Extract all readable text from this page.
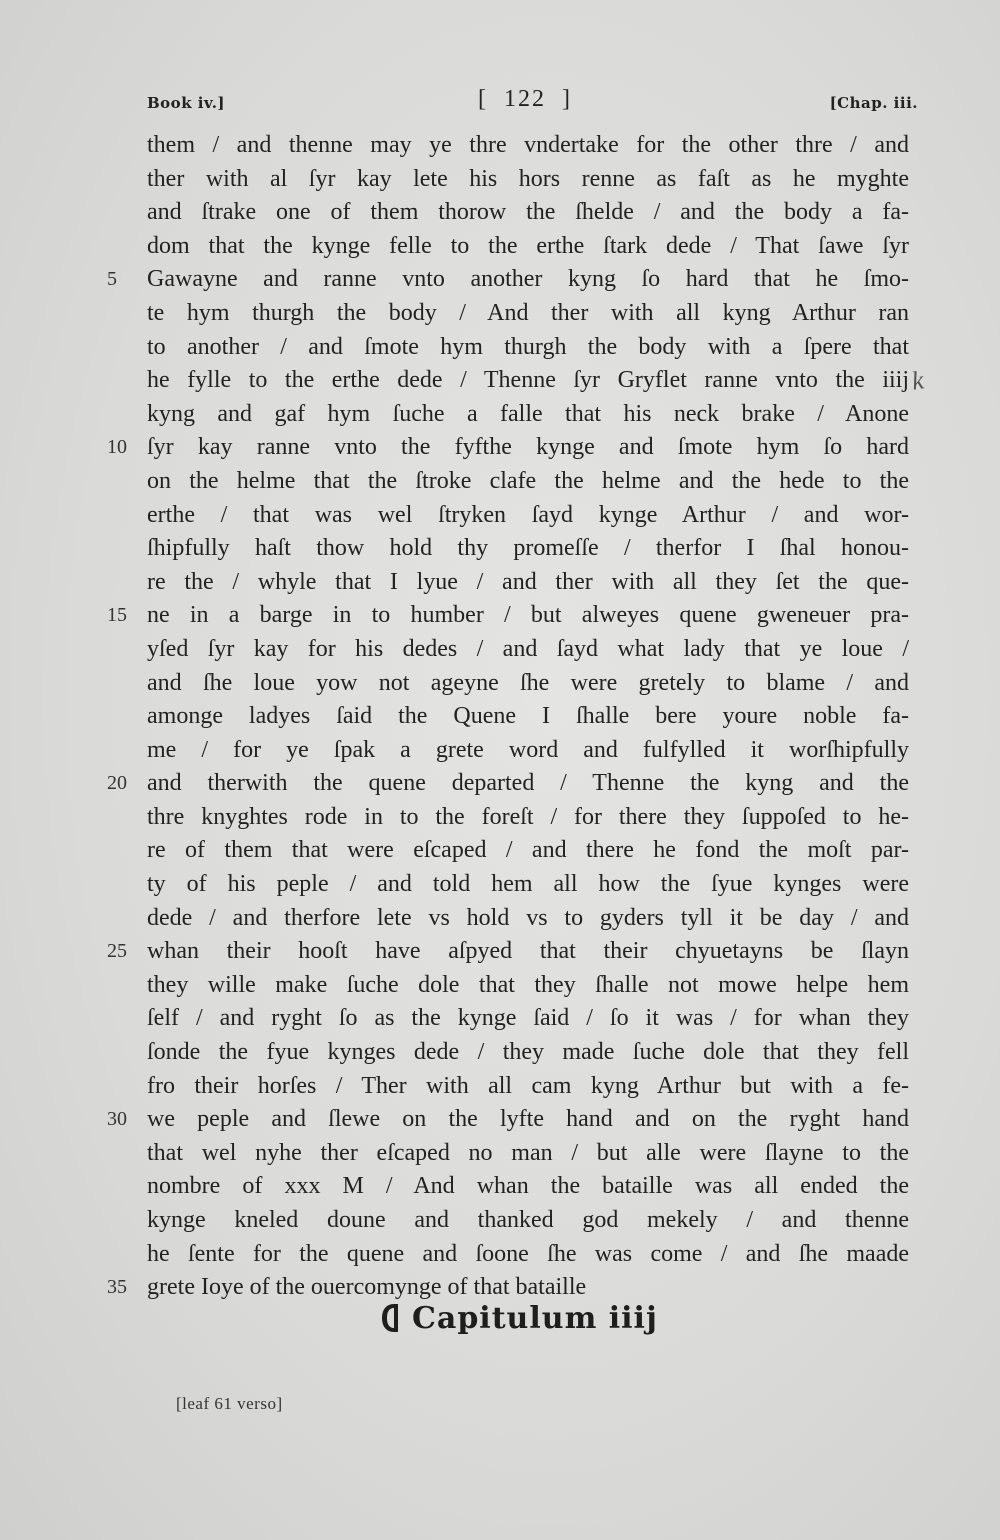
Book iv.]	[  122  ]	[Chap. iii.
them / and thenne may ye thre vndertake for the other thre / and
ther with al ſyr kay lete his hors renne as faſt as he myghte
and ſtrake one of them thorow the ſhelde / and the body a fa-
dom that the kynge felle to the erthe ſtark dede / That ſawe ſyr
5	Gawayne and ranne vnto another kyng ſo hard that he ſmo-
te hym thurgh the body / And ther with all kyng Arthur ran
to another / and ſmote hym thurgh the body with a ſpere that
he fylle to the erthe dede / Thenne ſyr Gryflet ranne vnto the iiij
kyng and gaf hym ſuche a falle that his neck brake / Anone
10 ſyr kay ranne vnto the fyfthe kynge and ſmote hym ſo hard
on the helme that the ſtroke clafe the helme and the hede to the
erthe / that was wel ſtryken ſayd kynge Arthur / and wor-
ſhipfully haſt thow hold thy promeſſe / therfor I ſhal honou-
re the / whyle that I lyue / and ther with all they ſet the que-
15 ne in a barge in to humber / but alweyes quene gweneuer pra-
yſed ſyr kay for his dedes / and ſayd what lady that ye loue /
and ſhe loue yow not ageyne ſhe were gretely to blame / and
amonge ladyes ſaid the Quene I ſhalle bere youre noble fa-
me / for ye ſpak a grete word and fulfylled it worſhipfully
20 and therwith the quene departed / Thenne the kyng and the
thre knyghtes rode in to the foreſt / for there they ſuppoſed to he-
re of them that were eſcaped / and there he fond the moſt par-
ty of his peple / and told hem all how the ſyue kynges were
dede / and therfore lete vs hold vs to gyders tyll it be day / and
25 whan their hooſt have aſpyed that their chyuetayns be ſlayn
they wille make ſuche dole that they ſhalle not mowe helpe hem
ſelf / and ryght ſo as the kynge ſaid / ſo it was / for whan they
ſonde the fyue kynges dede / they made ſuche dole that they fell
fro their horſes / Ther with all cam kyng Arthur but with a fe-
30 we peple and ſlewe on the lyfte hand and on the ryght hand
that wel nyhe ther eſcaped no man / but alle were ſlayne to the
nombre of xxx M / And whan the bataille was all ended the
kynge kneled doune and thanked god mekely / and thenne
he ſente for the quene and ſoone ſhe was come / and ſhe maade
35 grete Ioye of the ouercomynge of that bataille
k
Capitulum iiij
[leaf 61 verso]
